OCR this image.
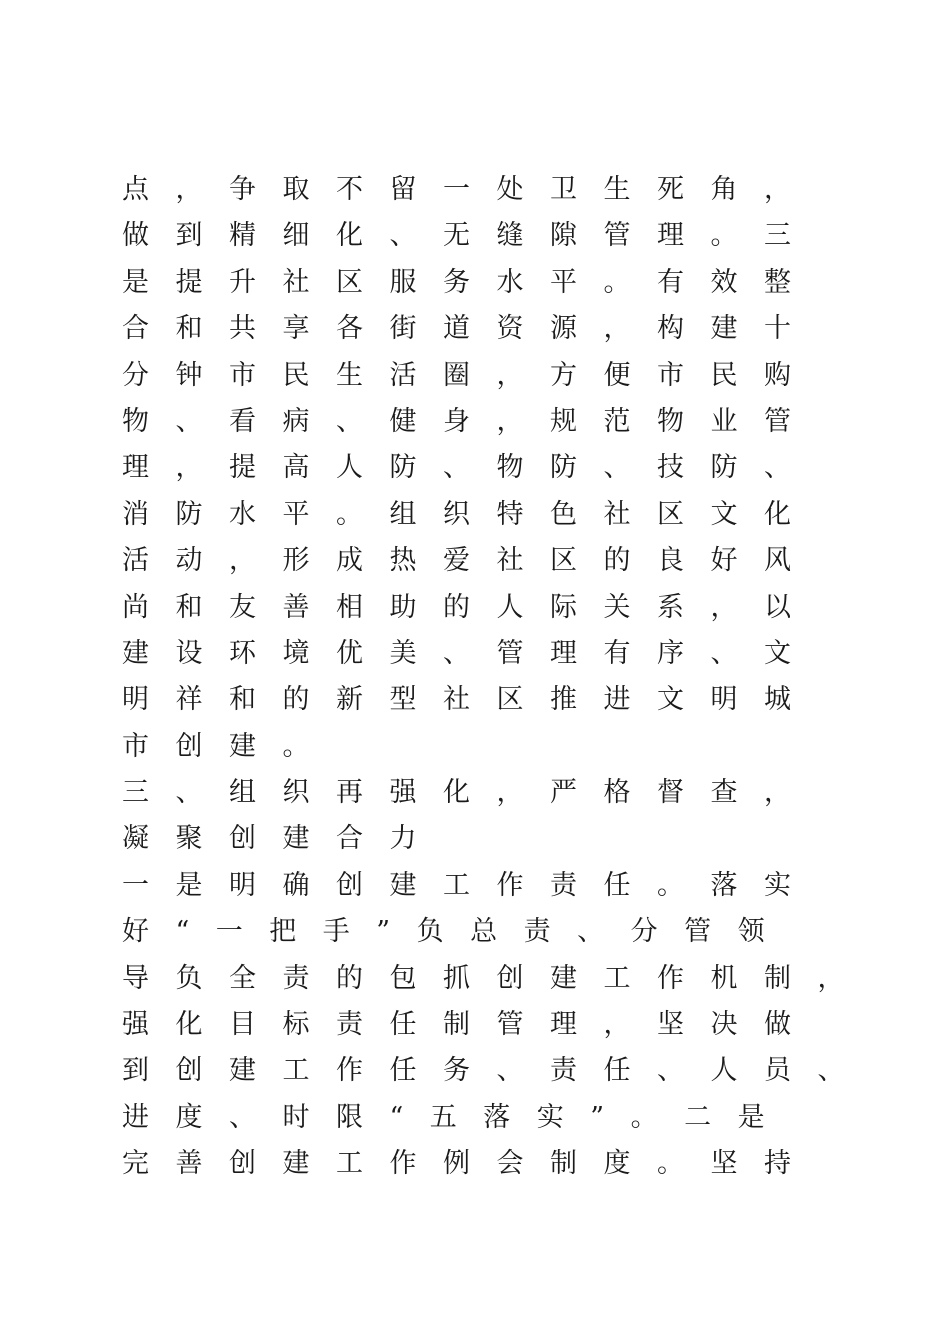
点，争取不留一处卫生死角，
做到精细化、无缝隙管理。三
是提升社区服务水平。有效整
合和共享各街道资源，构建十
分钟市民生活圈，方便市民购
物、看病、健身，规范物业管
理，提高人防、物防、技防、
消防水平。组织特色社区文化
活动，形成热爱社区的良好风
尚和友善相助的人际关系，以
建设环境优美、管理有序、文
明祥和的新型社区推进文明城
市创建。
三、组织再强化，严格督查，
凝聚创建合力
一是明确创建工作责任。落实
好“一把手”负总责、分管领
导负全责的包抓创建工作机制，
强化目标责任制管理，坚决做
到创建工作任务、责任、人员、
进度、时限“五落实”。二是
完善创建工作例会制度。坚持
